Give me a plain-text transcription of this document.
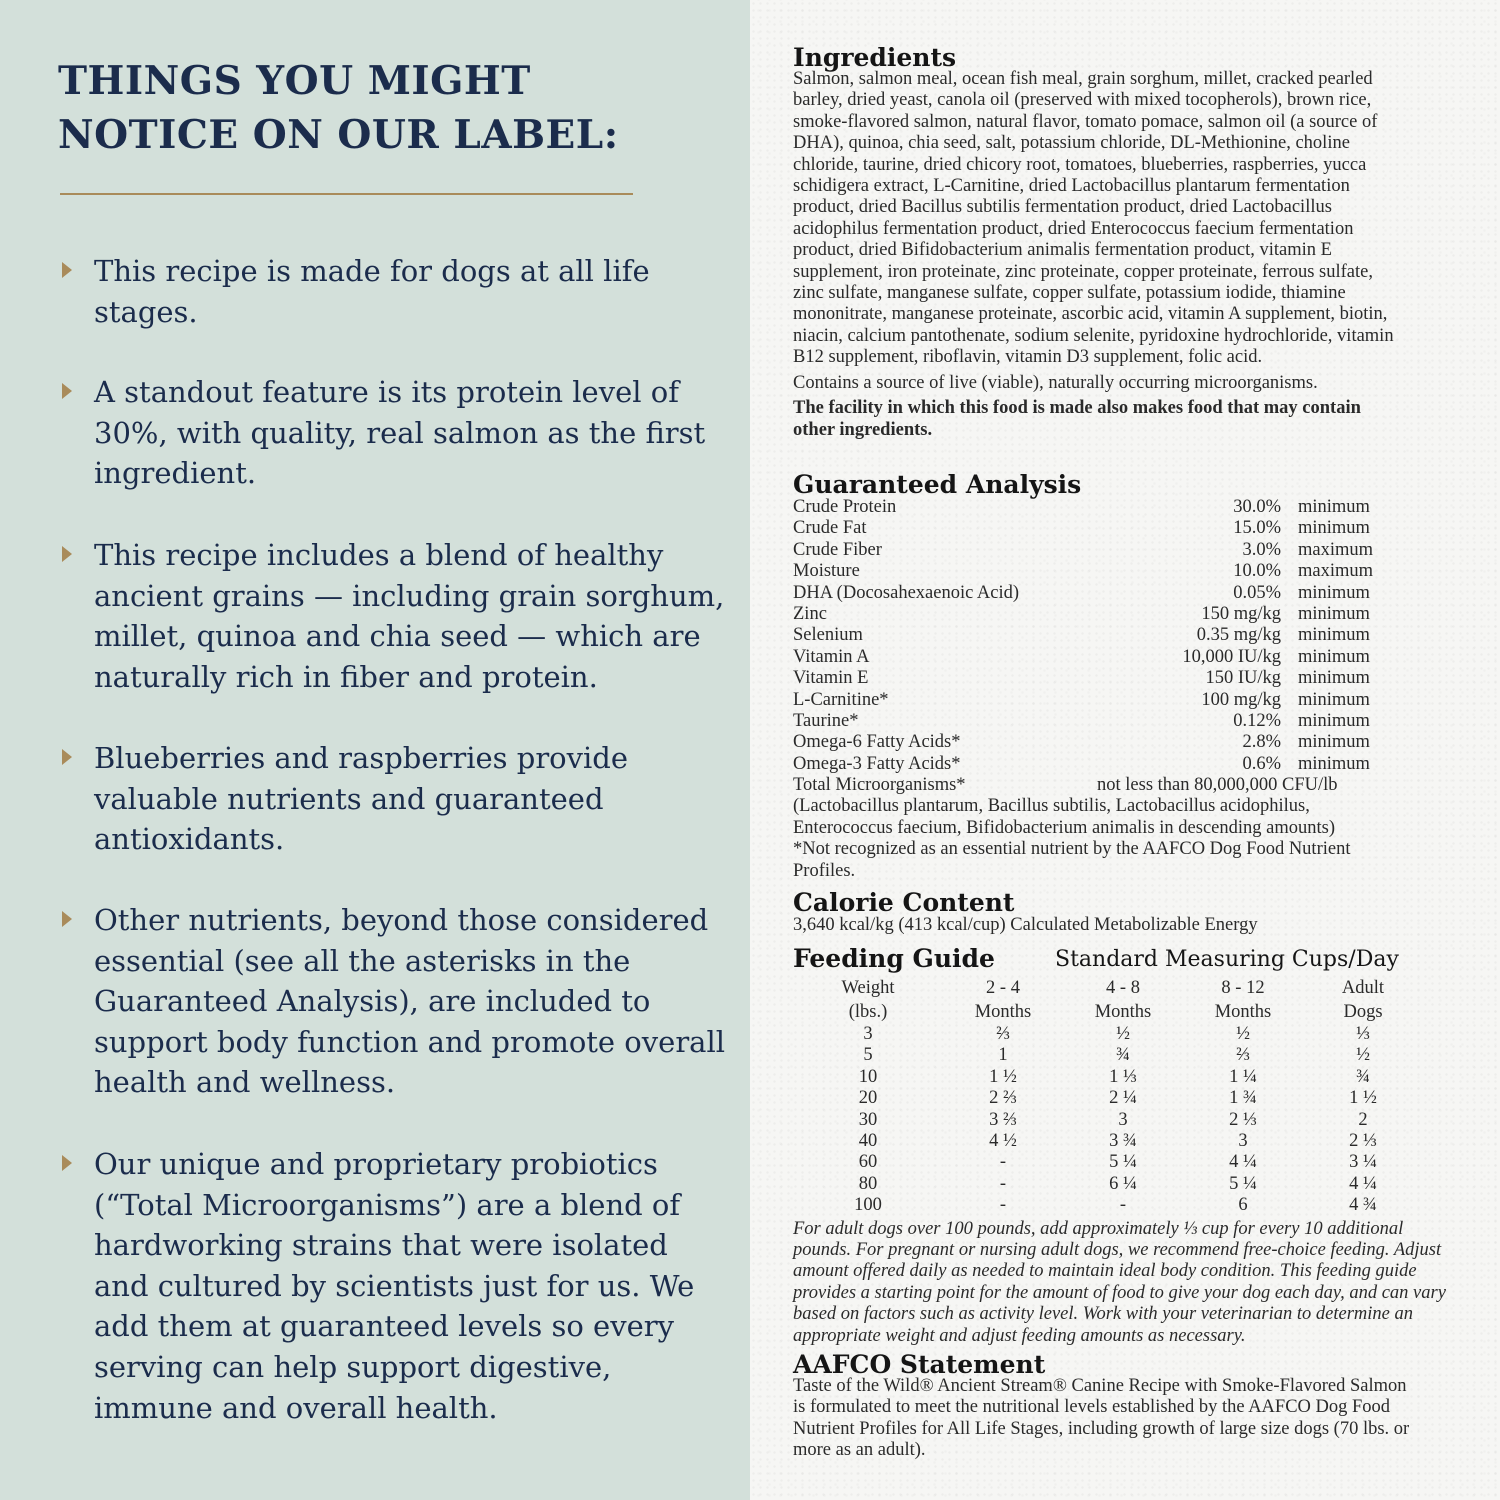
THINGS YOU MIGHT
NOTICE ON OUR LABEL:

This recipe is made for dogs at all life stages.

A standout feature is its protein level of 30%, with quality, real salmon as the first ingredient.

This recipe includes a blend of healthy ancient grains — including grain sorghum, millet, quinoa and chia seed — which are naturally rich in fiber and protein.

Blueberries and raspberries provide valuable nutrients and guaranteed antioxidants.

Other nutrients, beyond those considered essential (see all the asterisks in the Guaranteed Analysis), are included to support body function and promote overall health and wellness.

Our unique and proprietary probiotics (“Total Microorganisms”) are a blend of hardworking strains that were isolated and cultured by scientists just for us. We add them at guaranteed levels so every serving can help support digestive, immune and overall health.

Ingredients

Salmon, salmon meal, ocean fish meal, grain sorghum, millet, cracked pearled barley, dried yeast, canola oil (preserved with mixed tocopherols), brown rice, smoke-flavored salmon, natural flavor, tomato pomace, salmon oil (a source of DHA), quinoa, chia seed, salt, potassium chloride, DL-Methionine, choline chloride, taurine, dried chicory root, tomatoes, blueberries, raspberries, yucca schidigera extract, L-Carnitine, dried Lactobacillus plantarum fermentation product, dried Bacillus subtilis fermentation product, dried Lactobacillus acidophilus fermentation product, dried Enterococcus faecium fermentation product, dried Bifidobacterium animalis fermentation product, vitamin E supplement, iron proteinate, zinc proteinate, copper proteinate, ferrous sulfate, zinc sulfate, manganese sulfate, copper sulfate, potassium iodide, thiamine mononitrate, manganese proteinate, ascorbic acid, vitamin A supplement, biotin, niacin, calcium pantothenate, sodium selenite, pyridoxine hydrochloride, vitamin B12 supplement, riboflavin, vitamin D3 supplement, folic acid.

Contains a source of live (viable), naturally occurring microorganisms.

The facility in which this food is made also makes food that may contain other ingredients.

Guaranteed Analysis
Crude Protein	30.0% minimum
Crude Fat	15.0% minimum
Crude Fiber	3.0% maximum
Moisture	10.0% maximum
DHA (Docosahexaenoic Acid)	0.05% minimum
Zinc	150 mg/kg minimum
Selenium	0.35 mg/kg minimum
Vitamin A	10,000 IU/kg minimum
Vitamin E	150 IU/kg minimum
L-Carnitine*	100 mg/kg minimum
Taurine*	0.12% minimum
Omega-6 Fatty Acids*	2.8% minimum
Omega-3 Fatty Acids*	0.6% minimum
Total Microorganisms*	not less than 80,000,000 CFU/lb

(Lactobacillus plantarum, Bacillus subtilis, Lactobacillus acidophilus, Enterococcus faecium, Bifidobacterium animalis in descending amounts)

*Not recognized as an essential nutrient by the AAFCO Dog Food Nutrient Profiles.

Calorie Content

3,640 kcal/kg (413 kcal/cup) Calculated Metabolizable Energy

Feeding Guide	Standard Measuring Cups/Day
Weight	2 - 4	4 - 8	8 - 12	Adult
(lbs.)	Months	Months	Months	Dogs
3	⅔	½	½	⅓
5	1	¾	⅔	½
10	1 ½	1 ⅓	1 ¼	¾
20	2 ⅔	2 ¼	1 ¾	1 ½
30	3 ⅔	3	2 ⅓	2
40	4 ½	3 ¾	3	2 ⅓
60	-	5 ¼	4 ¼	3 ¼
80	-	6 ¼	5 ¼	4 ¼
100	-	-	6	4 ¾

For adult dogs over 100 pounds, add approximately ⅓ cup for every 10 additional pounds. For pregnant or nursing adult dogs, we recommend free-choice feeding. Adjust amount offered daily as needed to maintain ideal body condition. This feeding guide provides a starting point for the amount of food to give your dog each day, and can vary based on factors such as activity level. Work with your veterinarian to determine an appropriate weight and adjust feeding amounts as necessary.

AAFCO Statement

Taste of the Wild® Ancient Stream® Canine Recipe with Smoke-Flavored Salmon is formulated to meet the nutritional levels established by the AAFCO Dog Food Nutrient Profiles for All Life Stages, including growth of large size dogs (70 lbs. or more as an adult).
